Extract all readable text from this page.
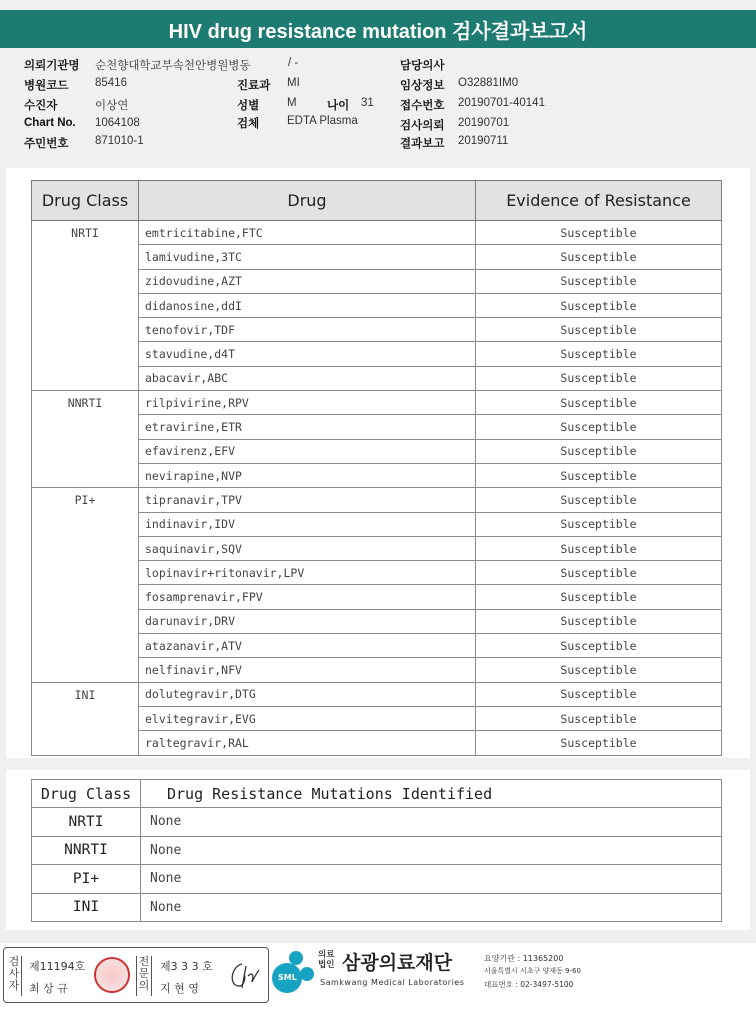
HIV drug resistance mutation 검사결과보고서
의뢰기관명 순천향대학교부속천안병원병동	/ -
병원코드 85416
수진자	이상연
Chart No. 1064108
주민번호 871010-1
진료과 MI
성별 M	나이 31
검체 EDTA Plasma
담당의사
임상정보 O32881IM0
접수번호 20190701-40141
검사의뢰 20190701
결과보고 20190711
Drug Class	Drug	Evidence of Resistance
NRTI	emtricitabine,FTC	Susceptible
	lamivudine,3TC	Susceptible
	zidovudine,AZT	Susceptible
	didanosine,ddI	Susceptible
	tenofovir,TDF	Susceptible
	stavudine,d4T	Susceptible
	abacavir,ABC	Susceptible
NNRTI	rilpivirine,RPV	Susceptible
	etravirine,ETR	Susceptible
	efavirenz,EFV	Susceptible
	nevirapine,NVP	Susceptible
PI+	tipranavir,TPV	Susceptible
	indinavir,IDV	Susceptible
	saquinavir,SQV	Susceptible
	lopinavir+ritonavir,LPV	Susceptible
	fosamprenavir,FPV	Susceptible
	darunavir,DRV	Susceptible
	atazanavir,ATV	Susceptible
	nelfinavir,NFV	Susceptible
INI	dolutegravir,DTG	Susceptible
	elvitegravir,EVG	Susceptible
	raltegravir,RAL	Susceptible
Drug Class	Drug Resistance Mutations Identified
NRTI	None
NNRTI	None
PI+	None
INI	None
검사자
제11194호
최 상 규
전문의
제3 3 3 호
지 현 영
SML
의료법인 삼광의료재단
Samkwang Medical Laboratories
요양기관 : 11365200
서울특별시 서초구 양재동 9-60
대표번호 : 02-3497-5100
